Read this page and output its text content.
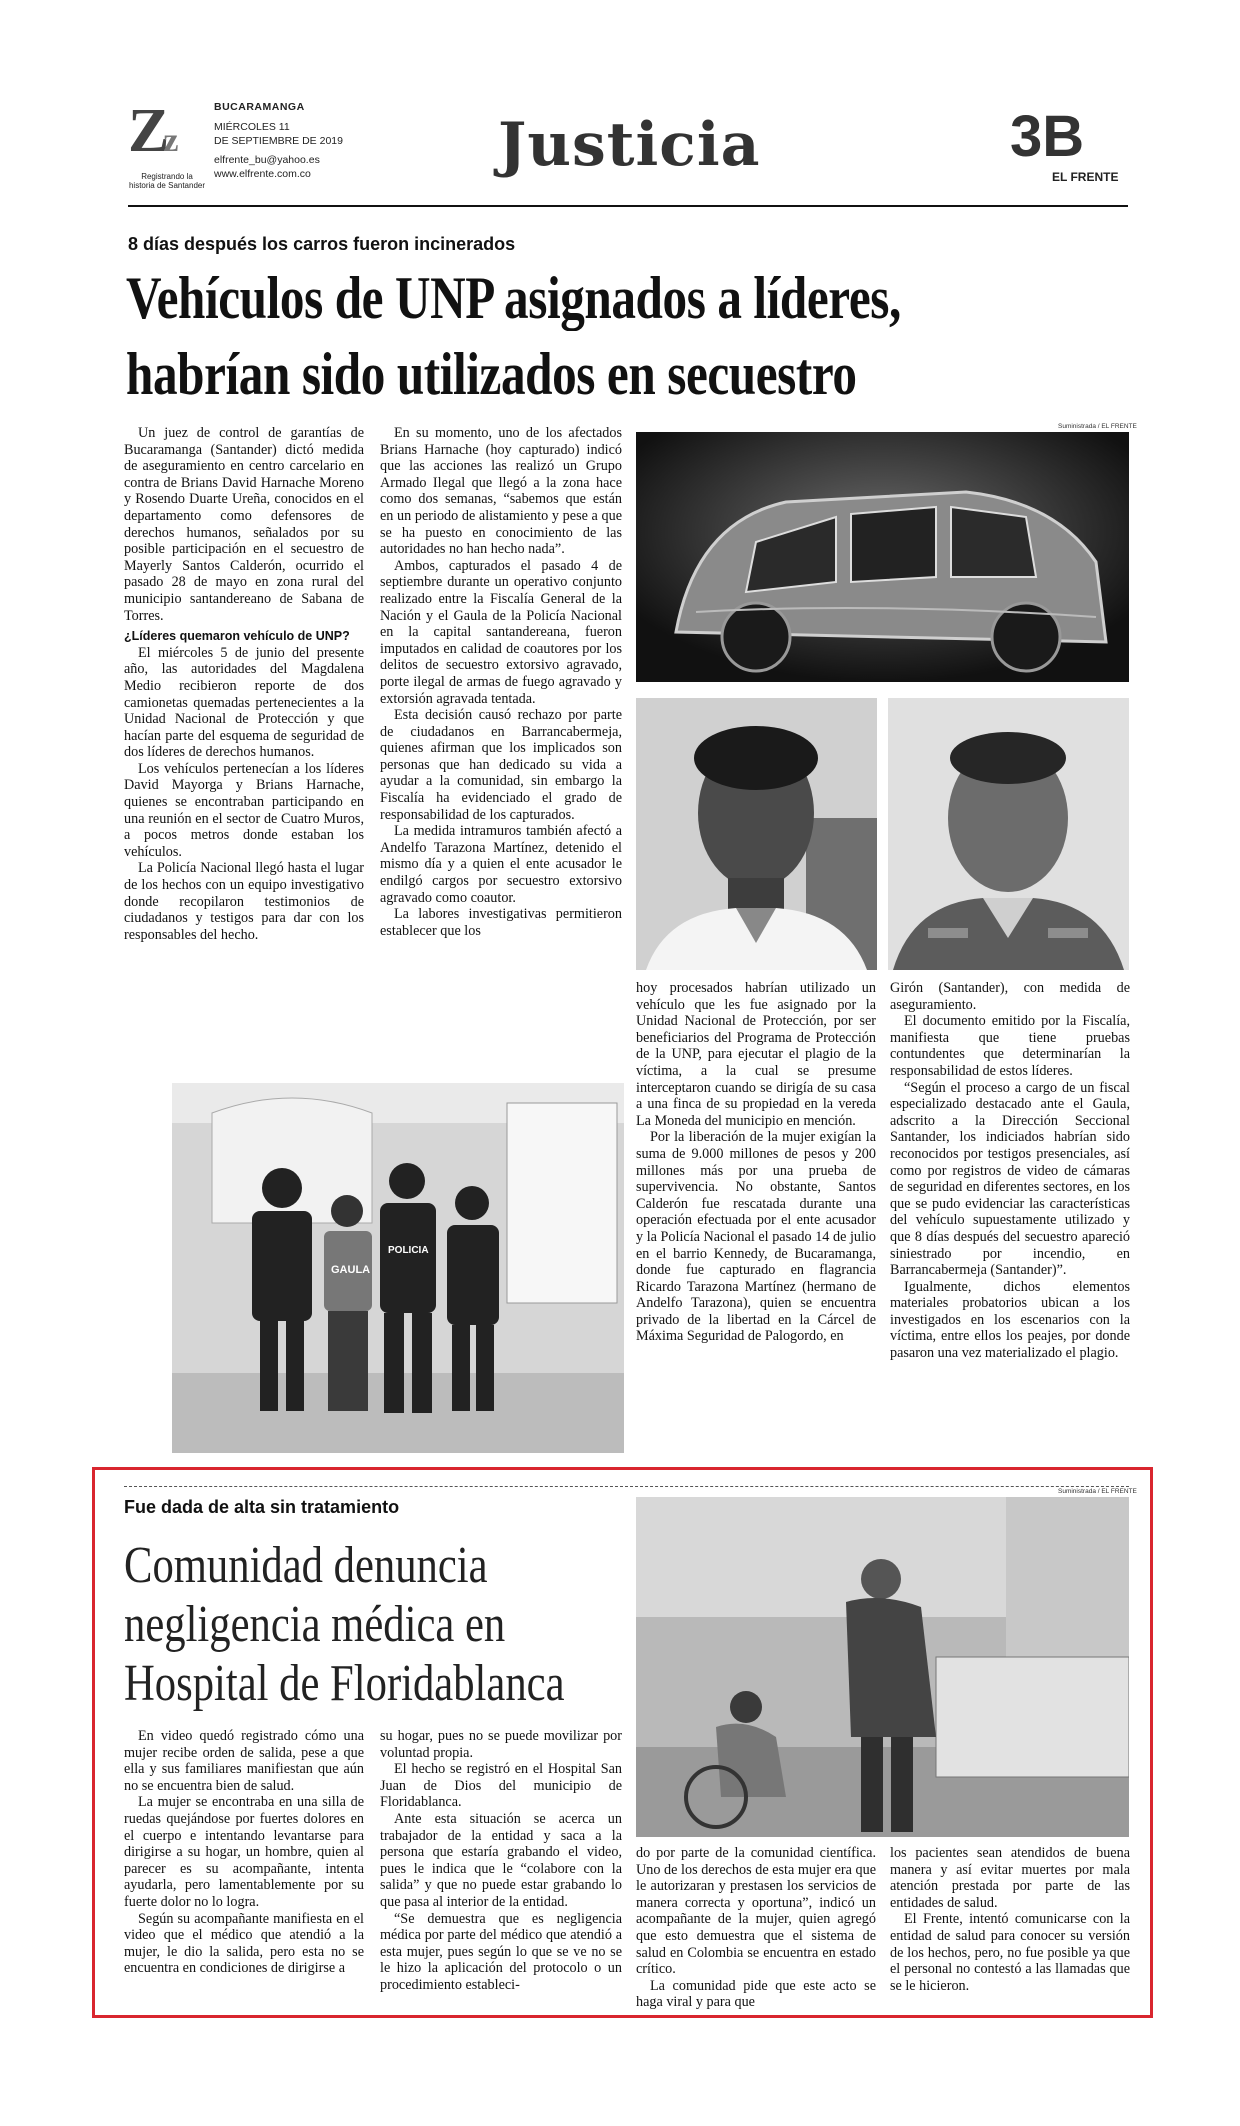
Zz
Registrando la historia de Santander
BUCARAMANGA
MIÉRCOLES 11
DE SEPTIEMBRE DE 2019
elfrente_bu@yahoo.es
www.elfrente.com.co	Justicia	3B
EL FRENTE
8 días después los carros fueron incinerados
Vehículos de UNP asignados a líderes,
habrían sido utilizados en secuestro

Un juez de control de garantías de Bucaramanga (Santander) dictó medida de aseguramiento en centro carcelario en contra de Brians David Harnache Moreno y Rosendo Duarte Ureña, conocidos en el departamento como defensores de derechos humanos, señalados por su posible participación en el secuestro de Mayerly Santos Calderón, ocurrido el pasado 28 de mayo en zona rural del municipio santandereano de Sabana de Torres.

¿Líderes quemaron vehículo de UNP?

El miércoles 5 de junio del presente año, las autoridades del Magdalena Medio recibieron reporte de dos camionetas quemadas pertenecientes a la Unidad Nacional de Protección y que hacían parte del esquema de seguridad de dos líderes de derechos humanos.

Los vehículos pertenecían a los líderes David Mayorga y Brians Harnache, quienes se encontraban participando en una reunión en el sector de Cuatro Muros, a pocos metros donde estaban los vehículos.

La Policía Nacional llegó hasta el lugar de los hechos con un equipo investigativo donde recopilaron testimonios de ciudadanos y testigos para dar con los responsables del hecho.

En su momento, uno de los afectados Brians Harnache (hoy capturado) indicó que las acciones las realizó un Grupo Armado Ilegal que llegó a la zona hace como dos semanas, “sabemos que están en un periodo de alistamiento y pese a que se ha puesto en conocimiento de las autoridades no han hecho nada”.

Ambos, capturados el pasado 4 de septiembre durante un operativo conjunto realizado entre la Fiscalía General de la Nación y el Gaula de la Policía Nacional en la capital santandereana, fueron imputados en calidad de coautores por los delitos de secuestro extorsivo agravado, porte ilegal de armas de fuego agravado y extorsión agravada tentada.

Esta decisión causó rechazo por parte de ciudadanos en Barrancabermeja, quienes afirman que los implicados son personas que han dedicado su vida a ayudar a la comunidad, sin embargo la Fiscalía ha evidenciado el grado de responsabilidad de los capturados.

La medida intramuros también afectó a Andelfo Tarazona Martínez, detenido el mismo día y a quien el ente acusador le endilgó cargos por secuestro extorsivo agravado como coautor.

La labores investigativas permitieron establecer que los

Suministrada / EL FRENTE

hoy procesados habrían utilizado un vehículo que les fue asignado por la Unidad Nacional de Protección, por ser beneficiarios del Programa de Protección de la UNP, para ejecutar el plagio de la víctima, a la cual se presume interceptaron cuando se dirigía de su casa a una finca de su propiedad en la vereda La Moneda del municipio en mención.

Por la liberación de la mujer exigían la suma de 9.000 millones de pesos y 200 millones más por una prueba de supervivencia. No obstante, Santos Calderón fue rescatada durante una operación efectuada por el ente acusador y la Policía Nacional el pasado 14 de julio en el barrio Kennedy, de Bucaramanga, donde fue capturado en flagrancia Ricardo Tarazona Martínez (hermano de Andelfo Tarazona), quien se encuentra privado de la libertad en la Cárcel de Máxima Seguridad de Palogordo, en

Girón (Santander), con medida de aseguramiento.

El documento emitido por la Fiscalía, manifiesta que tiene pruebas contundentes que determinarían la responsabilidad de estos líderes.

“Según el proceso a cargo de un fiscal especializado destacado ante el Gaula, adscrito a la Dirección Seccional Santander, los indiciados habrían sido reconocidos por testigos presenciales, así como por registros de video de cámaras de seguridad en diferentes sectores, en los que se pudo evidenciar las características del vehículo supuestamente utilizado y que 8 días después del secuestro apareció siniestrado por incendio, en Barrancabermeja (Santander)”.

Igualmente, dichos elementos materiales probatorios ubican a los investigados en los escenarios con la víctima, entre ellos los peajes, por donde pasaron una vez materializado el plagio.

GAULA
POLICIA
Fue dada de alta sin tratamiento
Comunidad denuncia
negligencia médica en
Hospital de Floridablanca
Suministrada / EL FRENTE

En video quedó registrado cómo una mujer recibe orden de salida, pese a que ella y sus familiares manifiestan que aún no se encuentra bien de salud.

La mujer se encontraba en una silla de ruedas quejándose por fuertes dolores en el cuerpo e intentando levantarse para dirigirse a su hogar, un hombre, quien al parecer es su acompañante, intenta ayudarla, pero lamentablemente por su fuerte dolor no lo logra.

Según su acompañante manifiesta en el video que el médico que atendió a la mujer, le dio la salida, pero esta no se encuentra en condiciones de dirigirse a

su hogar, pues no se puede movilizar por voluntad propia.

El hecho se registró en el Hospital San Juan de Dios del municipio de Floridablanca.

Ante esta situación se acerca un trabajador de la entidad y saca a la persona que estaría grabando el video, pues le indica que le “colabore con la salida” y que no puede estar grabando lo que pasa al interior de la entidad.

“Se demuestra que es negligencia médica por parte del médico que atendió a esta mujer, pues según lo que se ve no se le hizo la aplicación del protocolo o un procedimiento estableci-

do por parte de la comunidad científica. Uno de los derechos de esta mujer era que le autorizaran y prestasen los servicios de manera correcta y oportuna”, indicó un acompañante de la mujer, quien agregó que esto demuestra que el sistema de salud en Colombia se encuentra en estado crítico.

La comunidad pide que este acto se haga viral y para que

los pacientes sean atendidos de buena manera y así evitar muertes por mala atención prestada por parte de las entidades de salud.

El Frente, intentó comunicarse con la entidad de salud para conocer su versión de los hechos, pero, no fue posible ya que el personal no contestó a las llamadas que se le hicieron.
